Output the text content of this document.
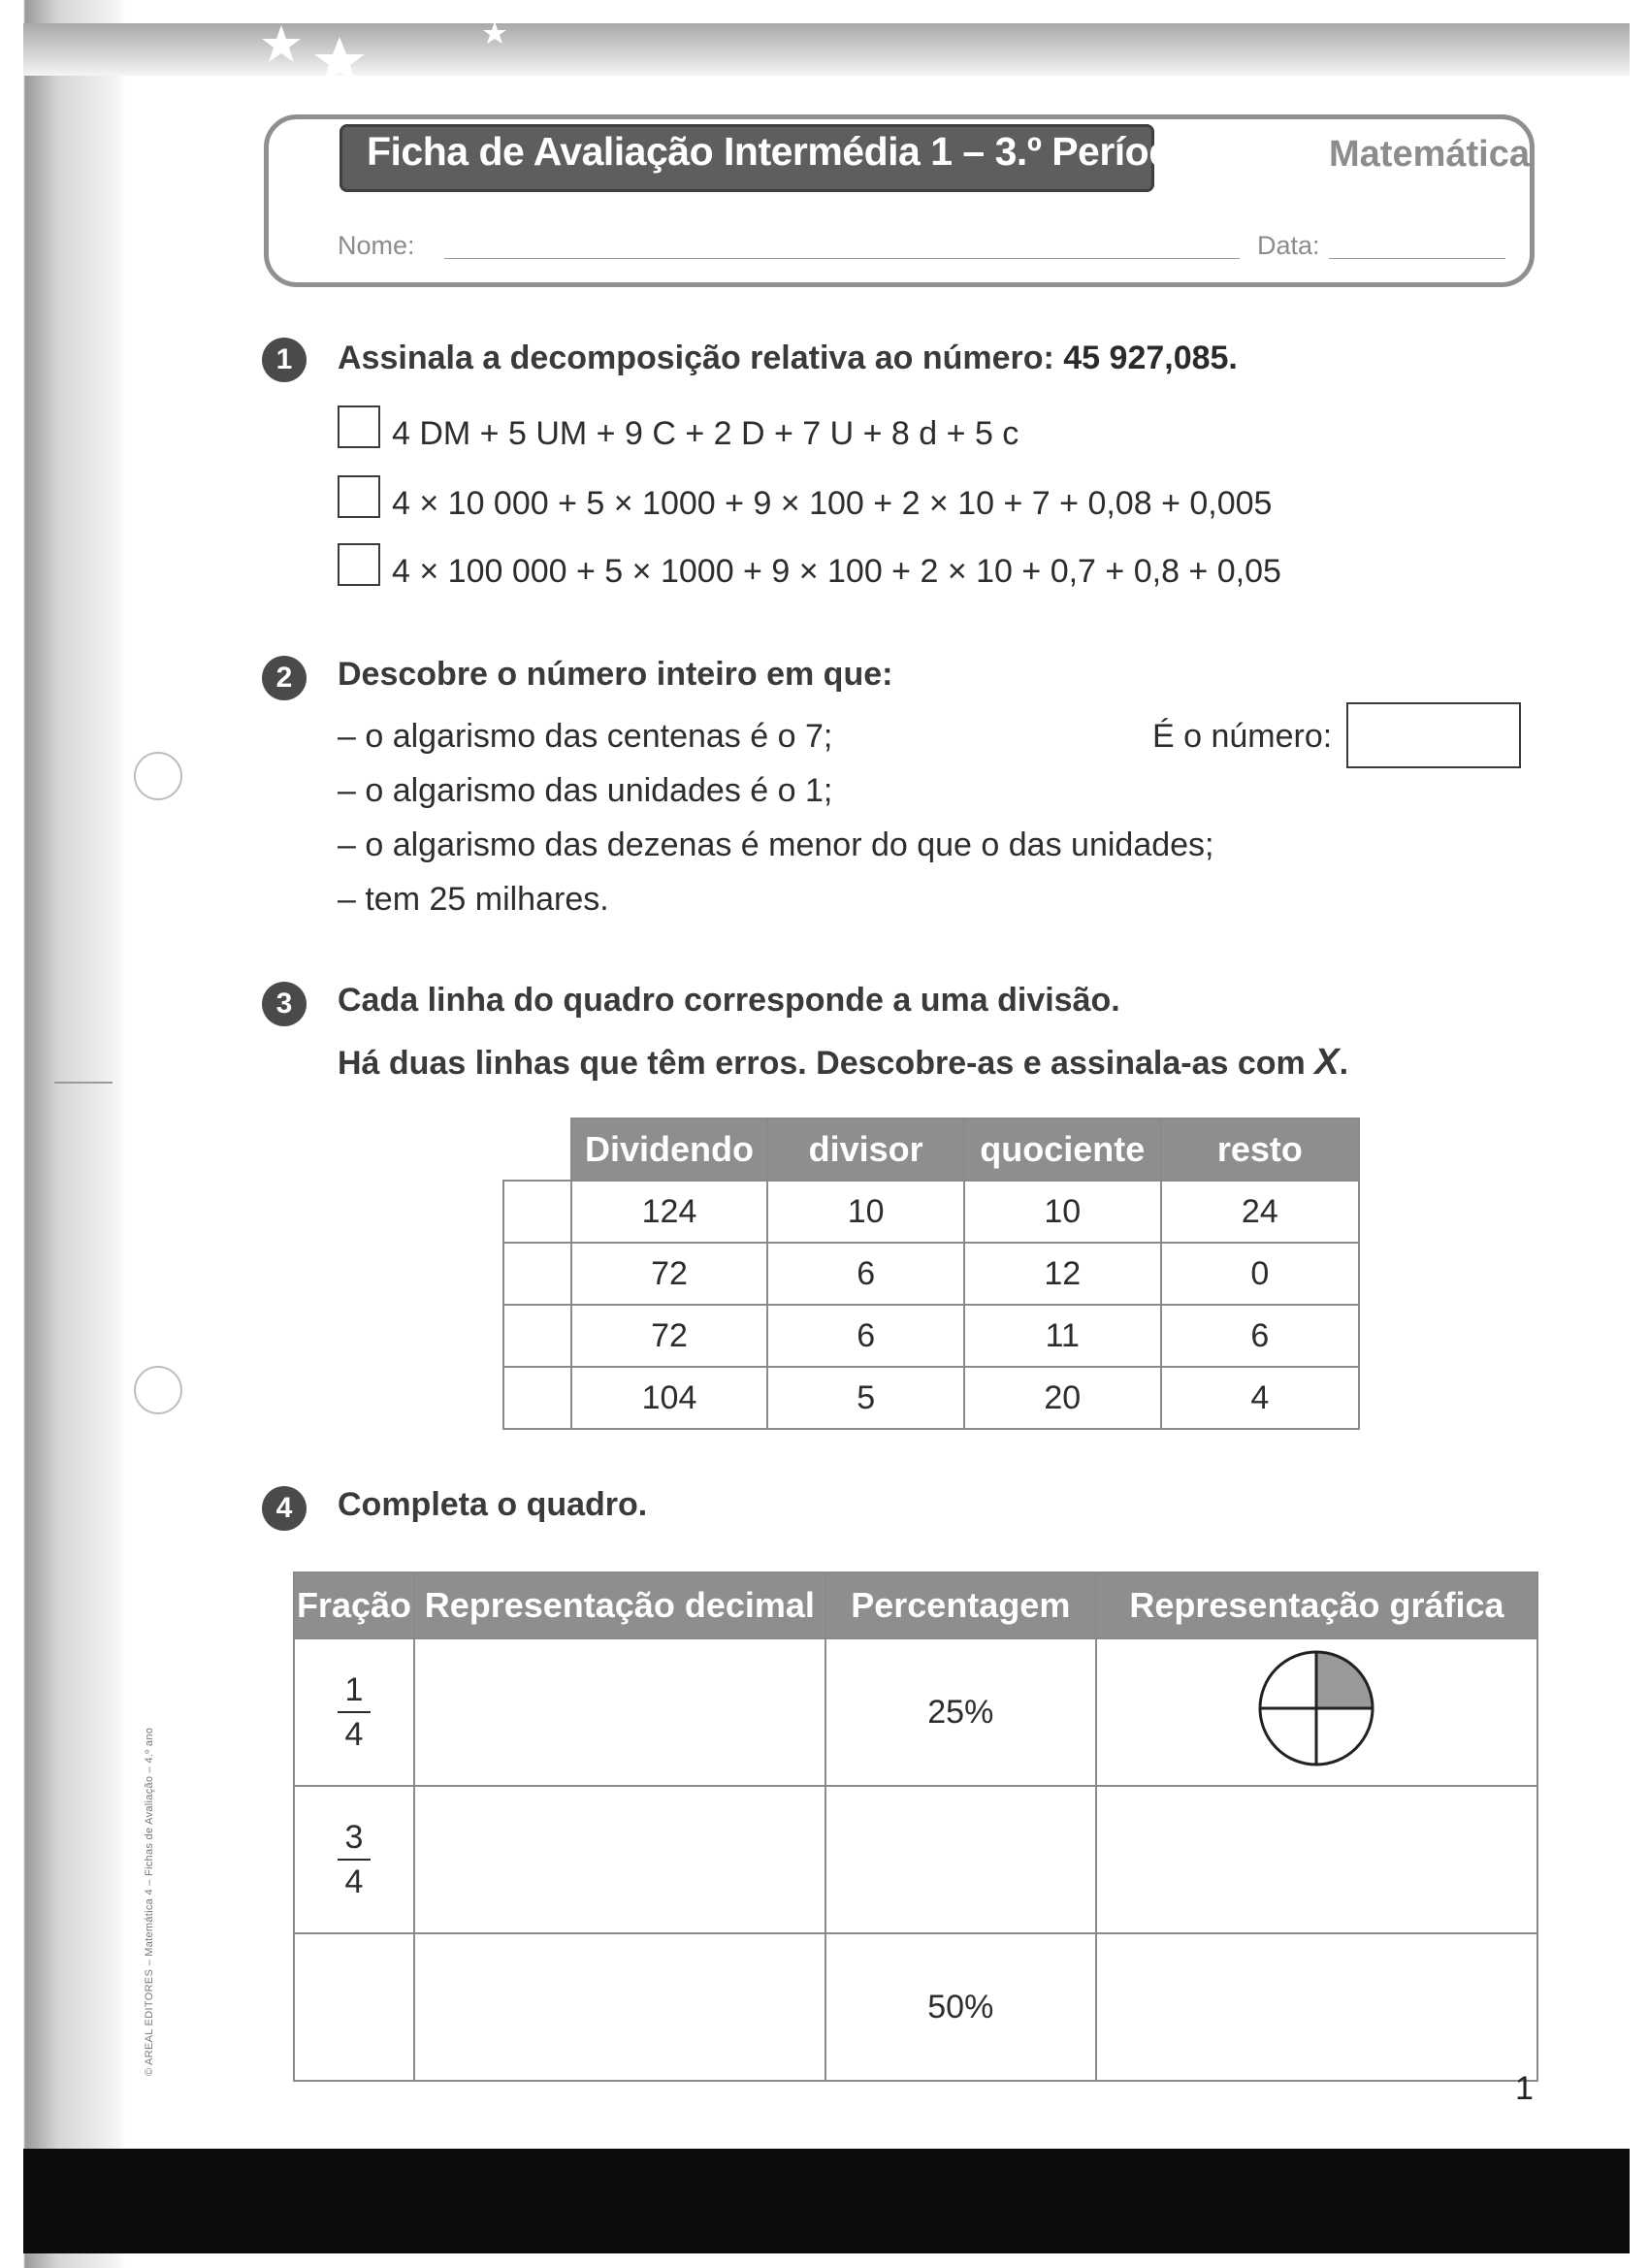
© AREAL EDITORES – Matemática 4 – Fichas de Avaliação – 4.º ano
Ficha de Avaliação Intermédia 1 – 3.º Período	Matemática
Nome:	Data:
1	Assinala a decomposição relativa ao número: 45 927,085.
4 DM + 5 UM + 9 C + 2 D + 7 U + 8 d + 5 c
4 × 10 000 + 5 × 1000 + 9 × 100 + 2 × 10 + 7 + 0,08 + 0,005
4 × 100 000 + 5 × 1000 + 9 × 100 + 2 × 10 + 0,7 + 0,8 + 0,05
2	Descobre o número inteiro em que:
– o algarismo das centenas é o 7;
– o algarismo das unidades é o 1;
– o algarismo das dezenas é menor do que o das unidades;
– tem 25 milhares.
É o número:
3	Cada linha do quadro corresponde a uma divisão.
Há duas linhas que têm erros. Descobre-as e assinala-as com X.
	Dividendo	divisor	quociente	resto
	124	10	10	24
	72	6	12	0
	72	6	11	6
	104	5	20	4
4	Completa o quadro.
Fração	Representação decimal	Percentagem	Representação gráfica

$\frac{1}{4}$		25%	

$\frac{3}{4}$

		50%	
1
